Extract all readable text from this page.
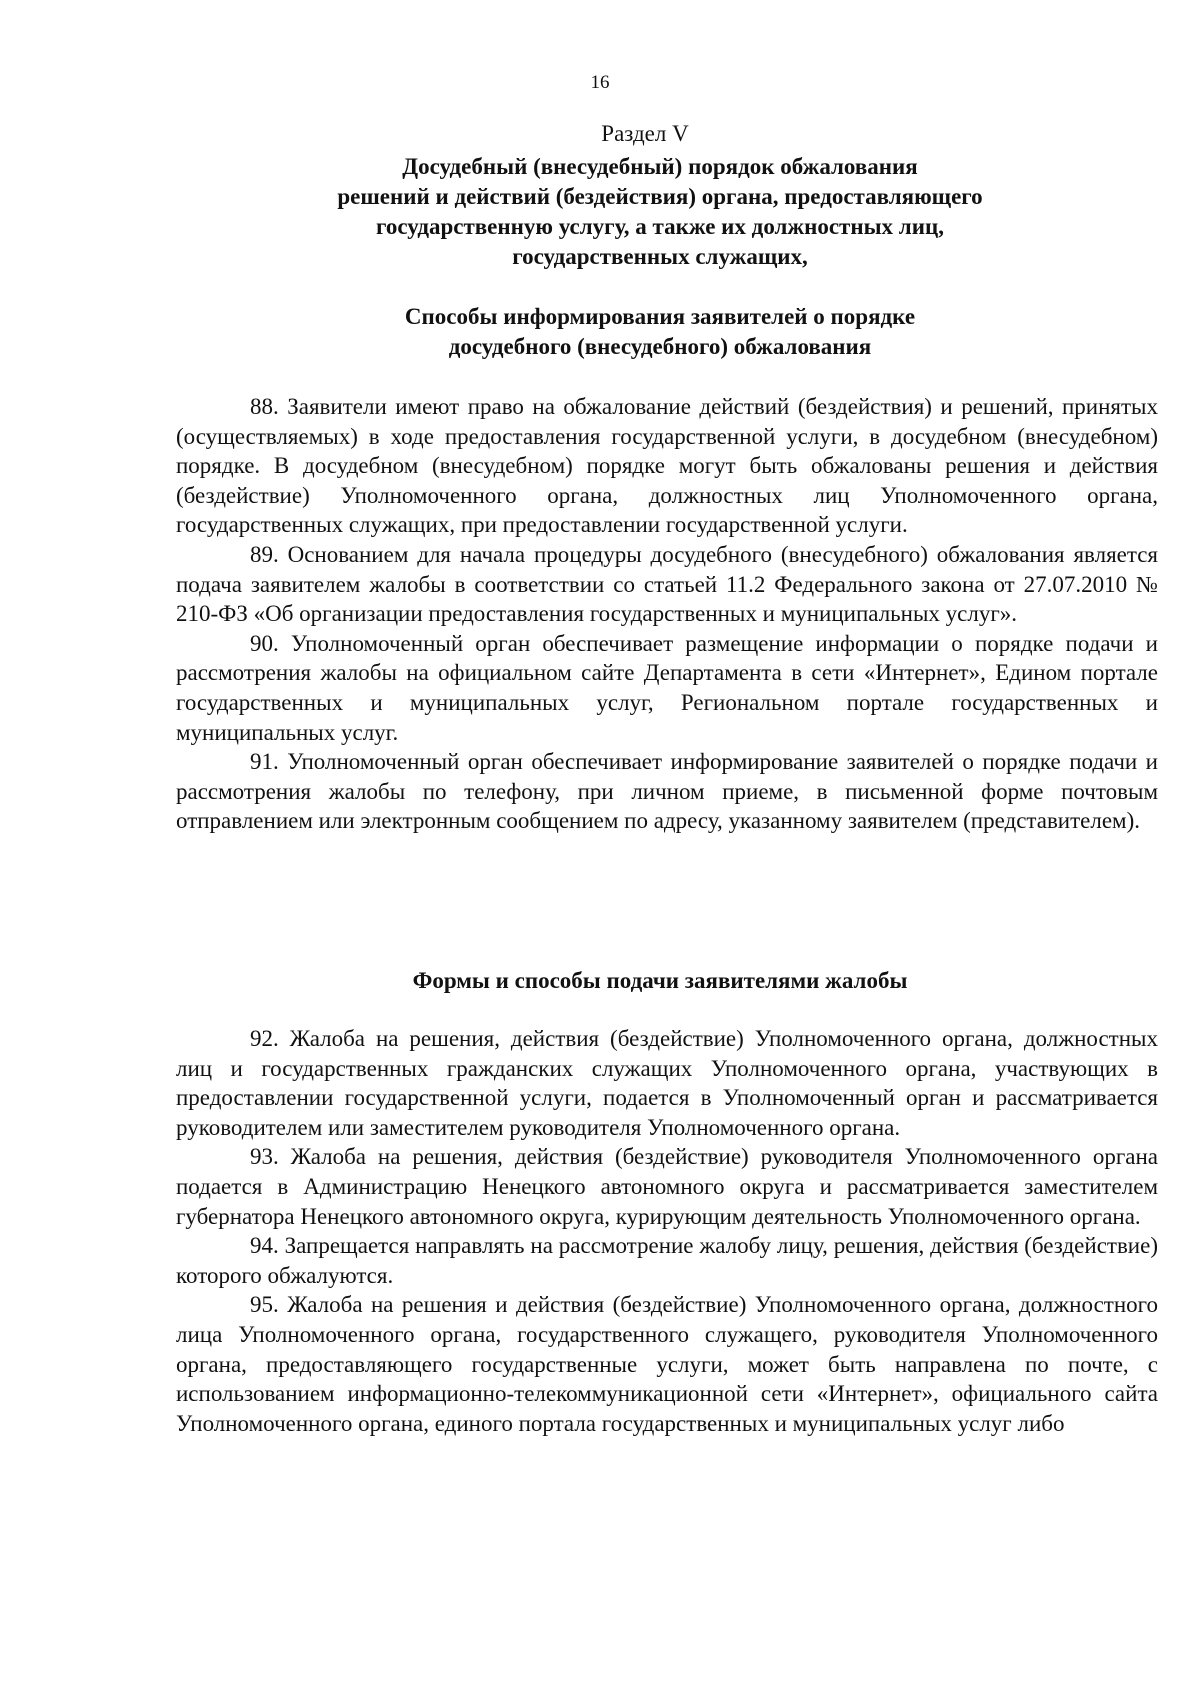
16
Раздел V
Досудебный (внесудебный) порядок обжалования
решений и действий (бездействия) органа, предоставляющего
государственную услугу, а также их должностных лиц,
государственных служащих,
Способы информирования заявителей о порядке
досудебного (внесудебного) обжалования

88. Заявители имеют право на обжалование действий (бездействия) и решений, принятых (осуществляемых) в ходе предоставления государственной услуги, в досудебном (внесудебном) порядке. В досудебном (внесудебном) порядке могут быть обжалованы решения и действия (бездействие) Уполномоченного органа, должностных лиц Уполномоченного органа, государственных служащих, при предоставлении государственной услуги.

89. Основанием для начала процедуры досудебного (внесудебного) обжалования является подача заявителем жалобы в соответствии со статьей 11.2 Федерального закона от 27.07.2010 № 210-ФЗ «Об организации предоставления государственных и муниципальных услуг».

90. Уполномоченный орган обеспечивает размещение информации о порядке подачи и рассмотрения жалобы на официальном сайте Департамента в сети «Интернет», Едином портале государственных и муниципальных услуг, Региональном портале государственных и муниципальных услуг.

91. Уполномоченный орган обеспечивает информирование заявителей о порядке подачи и рассмотрения жалобы по телефону, при личном приеме, в письменной форме почтовым отправлением или электронным сообщением по адресу, указанному заявителем (представителем).

Формы и способы подачи заявителями жалобы

92. Жалоба на решения, действия (бездействие) Уполномоченного органа, должностных лиц и государственных гражданских служащих Уполномоченного органа, участвующих в предоставлении государственной услуги, подается в Уполномоченный орган и рассматривается руководителем или заместителем руководителя Уполномоченного органа.

93. Жалоба на решения, действия (бездействие) руководителя Уполномоченного органа подается в Администрацию Ненецкого автономного округа и рассматривается заместителем губернатора Ненецкого автономного округа, курирующим деятельность Уполномоченного органа.

94. Запрещается направлять на рассмотрение жалобу лицу, решения, действия (бездействие) которого обжалуются.

95. Жалоба на решения и действия (бездействие) Уполномоченного органа, должностного лица Уполномоченного органа, государственного служащего, руководителя Уполномоченного органа, предоставляющего государственные услуги, может быть направлена по почте, с использованием информационно-телекоммуникационной сети «Интернет», официального сайта Уполномоченного органа, единого портала государственных и муниципальных услуг либо
